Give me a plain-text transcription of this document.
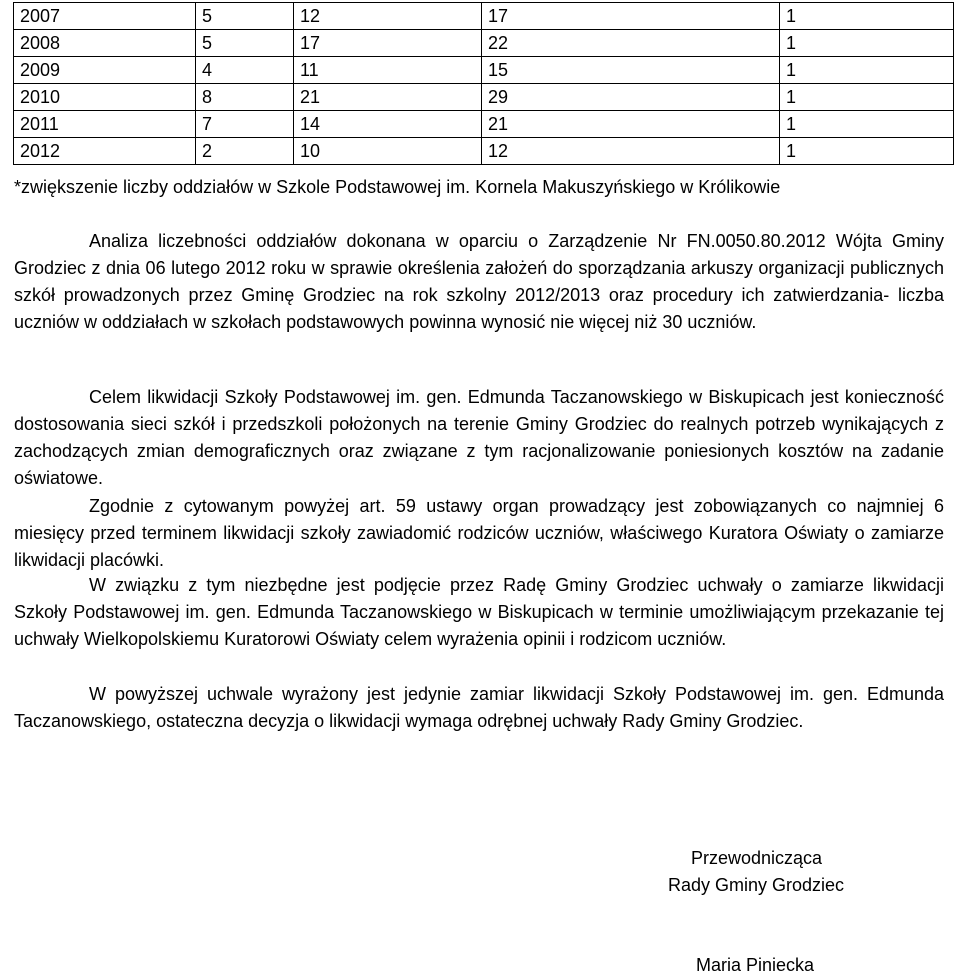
2007	5	12	17	1
2008	5	17	22	1
2009	4	11	15	1
2010	8	21	29	1
2011	7	14	21	1
2012	2	10	12	1
*zwiększenie liczby oddziałów w Szkole Podstawowej im. Kornela Makuszyńskiego w Królikowie

Analiza liczebności oddziałów dokonana w oparciu o Zarządzenie Nr FN.0050.80.2012 Wójta Gminy Grodziec z dnia 06 lutego 2012 roku w sprawie określenia założeń do sporządzania arkuszy organizacji publicznych szkół prowadzonych przez Gminę Grodziec na rok szkolny 2012/2013 oraz procedury ich zatwierdzania- liczba uczniów w oddziałach w szkołach podstawowych powinna wynosić nie więcej niż 30 uczniów.

Celem likwidacji Szkoły Podstawowej im. gen. Edmunda Taczanowskiego w Biskupicach jest konieczność dostosowania sieci szkół i przedszkoli położonych na terenie Gminy Grodziec do realnych potrzeb wynikających z zachodzących zmian demograficznych oraz związane z tym racjonalizowanie poniesionych kosztów na zadanie oświatowe.

Zgodnie z cytowanym powyżej art. 59 ustawy organ prowadzący jest zobowiązanych co najmniej 6 miesięcy przed terminem likwidacji szkoły zawiadomić rodziców uczniów, właściwego Kuratora Oświaty o zamiarze likwidacji placówki.

W związku z tym niezbędne jest podjęcie przez Radę Gminy Grodziec uchwały o zamiarze likwidacji Szkoły Podstawowej im. gen. Edmunda Taczanowskiego w Biskupicach w terminie umożliwiającym przekazanie tej uchwały Wielkopolskiemu Kuratorowi Oświaty celem wyrażenia opinii i rodzicom uczniów.

W powyższej uchwale wyrażony jest jedynie zamiar likwidacji Szkoły Podstawowej im. gen. Edmunda Taczanowskiego, ostateczna decyzja o likwidacji wymaga odrębnej uchwały Rady Gminy Grodziec.

Przewodnicząca
Rady Gminy Grodziec
Maria Piniecka
